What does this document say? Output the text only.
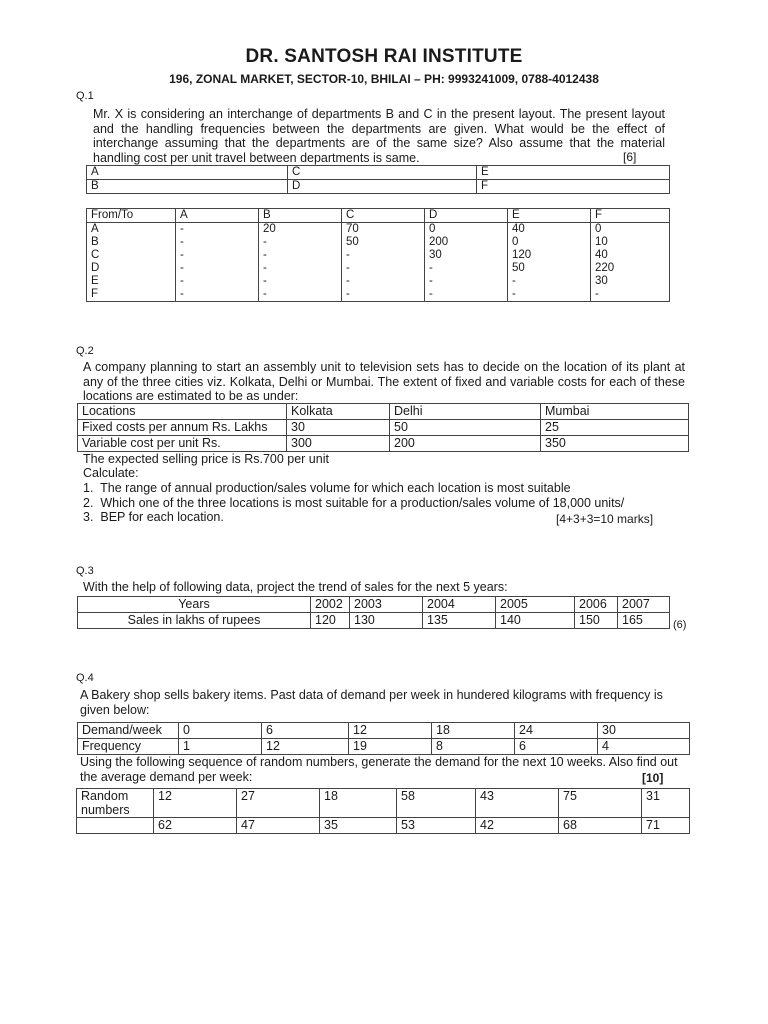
DR. SANTOSH RAI INSTITUTE
196, ZONAL MARKET, SECTOR-10, BHILAI – PH: 9993241009, 0788-4012438
Q.1
Mr. X is considering an interchange of departments B and C in the present layout. The present layout and the handling frequencies between the departments are given. What would be the effect of interchange assuming that the departments are of the same size? Also assume that the material handling cost per unit travel between departments is same.	[6]
A	C	E
B	D	F
From/To	A	B	C	D	E	F
A	-	20	70	0	40	0
B	-	-	50	200	0	10
C	-	-	-	30	120	40
D	-	-	-	-	50	220
E	-	-	-	-	-	30
F	-	-	-	-	-	-
Q.2
A company planning to start an assembly unit to television sets has to decide on the location of its plant at any of the three cities viz. Kolkata, Delhi or Mumbai. The extent of fixed and variable costs for each of these locations are estimated to be as under:
Locations	Kolkata	Delhi	Mumbai
Fixed costs per annum Rs. Lakhs	30	50	25
Variable cost per unit Rs.	300	200	350
The expected selling price is Rs.700 per unit
Calculate:
1.  The range of annual production/sales volume for which each location is most suitable
2.  Which one of the three locations is most suitable for a production/sales volume of 18,000 units/
3.  BEP for each location.	[4+3+3=10 marks]
Q.3
With the help of following data, project the trend of sales for the next 5 years:
Years	2002	2003	2004	2005	2006	2007
Sales in lakhs of rupees	120	130	135	140	150	165	(6)
Q.4
A Bakery shop sells bakery items. Past data of demand per week in hundered kilograms with frequency is given below:
Demand/week	0	6	12	18	24	30
Frequency	1	12	19	8	6	4
Using the following sequence of random numbers, generate the demand for the next 10 weeks. Also find out the average demand per week:	[10]
Random numbers	12	27	18	58	43	75	31
	62	47	35	53	42	68	71
